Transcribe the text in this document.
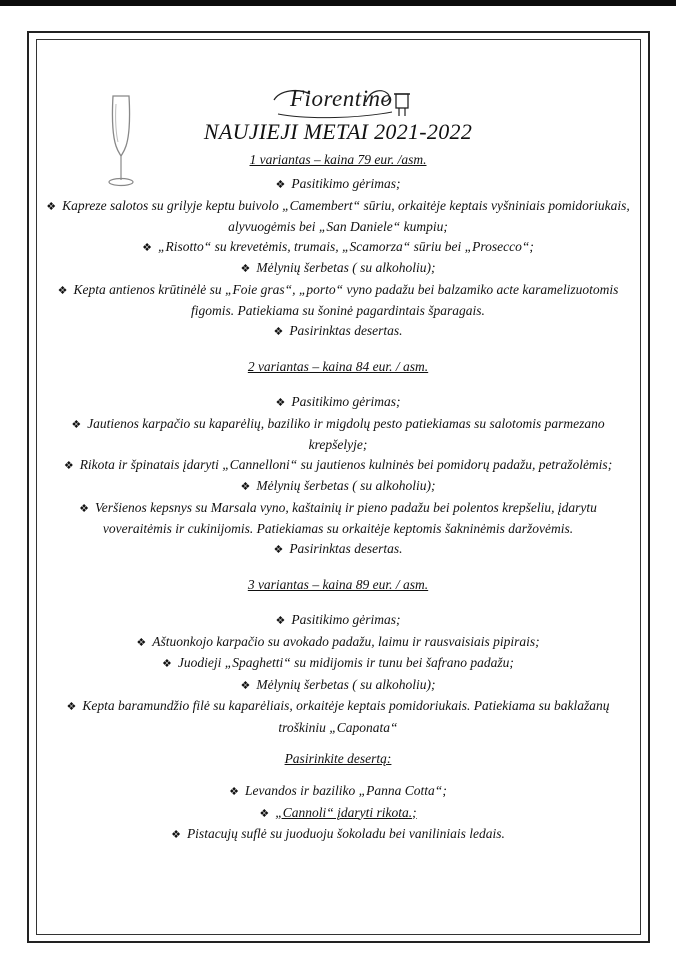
Fiorentino
NAUJIEJI METAI 2021-2022

1 variantas – kaina 79 eur. /asm.

❖ Pasitikimo gėrimas;

❖ Kapreze salotos su grilyje keptu buivolo „Camembert“ sūriu, orkaitėje keptais vyšniniais pomidoriukais, alyvuogėmis bei „San Daniele“ kumpiu;

❖ „Risotto“ su krevetėmis, trumais, „Scamorza“ sūriu bei „Prosecco“;

❖ Mėlynių šerbetas ( su alkoholiu);

❖ Kepta antienos krūtinėlė su „Foie gras“, „porto“ vyno padažu bei balzamiko acte karamelizuotomis figomis. Patiekiama su šoninė pagardintais šparagais.

❖ Pasirinktas desertas.

2 variantas – kaina 84 eur. / asm.

❖ Pasitikimo gėrimas;

❖ Jautienos karpačio su kaparėlių, baziliko ir migdolų pesto patiekiamas su salotomis parmezano krepšelyje;

❖ Rikota ir špinatais įdaryti „Cannelloni“ su jautienos kulninės bei pomidorų padažu, petražolėmis;

❖ Mėlynių šerbetas ( su alkoholiu);

❖ Veršienos kepsnys su Marsala vyno, kaštainių ir pieno padažu bei polentos krepšeliu, įdarytu voveraitėmis ir cukinijomis. Patiekiamas su orkaitėje keptomis šakninėmis daržovėmis.

❖ Pasirinktas desertas.

3 variantas – kaina 89 eur. / asm.

❖ Pasitikimo gėrimas;

❖ Aštuonkojo karpačio su avokado padažu, laimu ir rausvaisiais pipirais;

❖ Juodieji „Spaghetti“ su midijomis ir tunu bei šafrano padažu;

❖ Mėlynių šerbetas ( su alkoholiu);

❖ Kepta baramundžio filė su kaparėliais, orkaitėje keptais pomidoriukais. Patiekiama su baklažanų troškiniu „Caponata“

Pasirinkite desertą:

❖ Levandos ir baziliko „Panna Cotta“;

❖ „Cannoli“ įdaryti rikota.;

❖ Pistacujų suflė su juoduoju šokoladu bei vaniliniais ledais.
